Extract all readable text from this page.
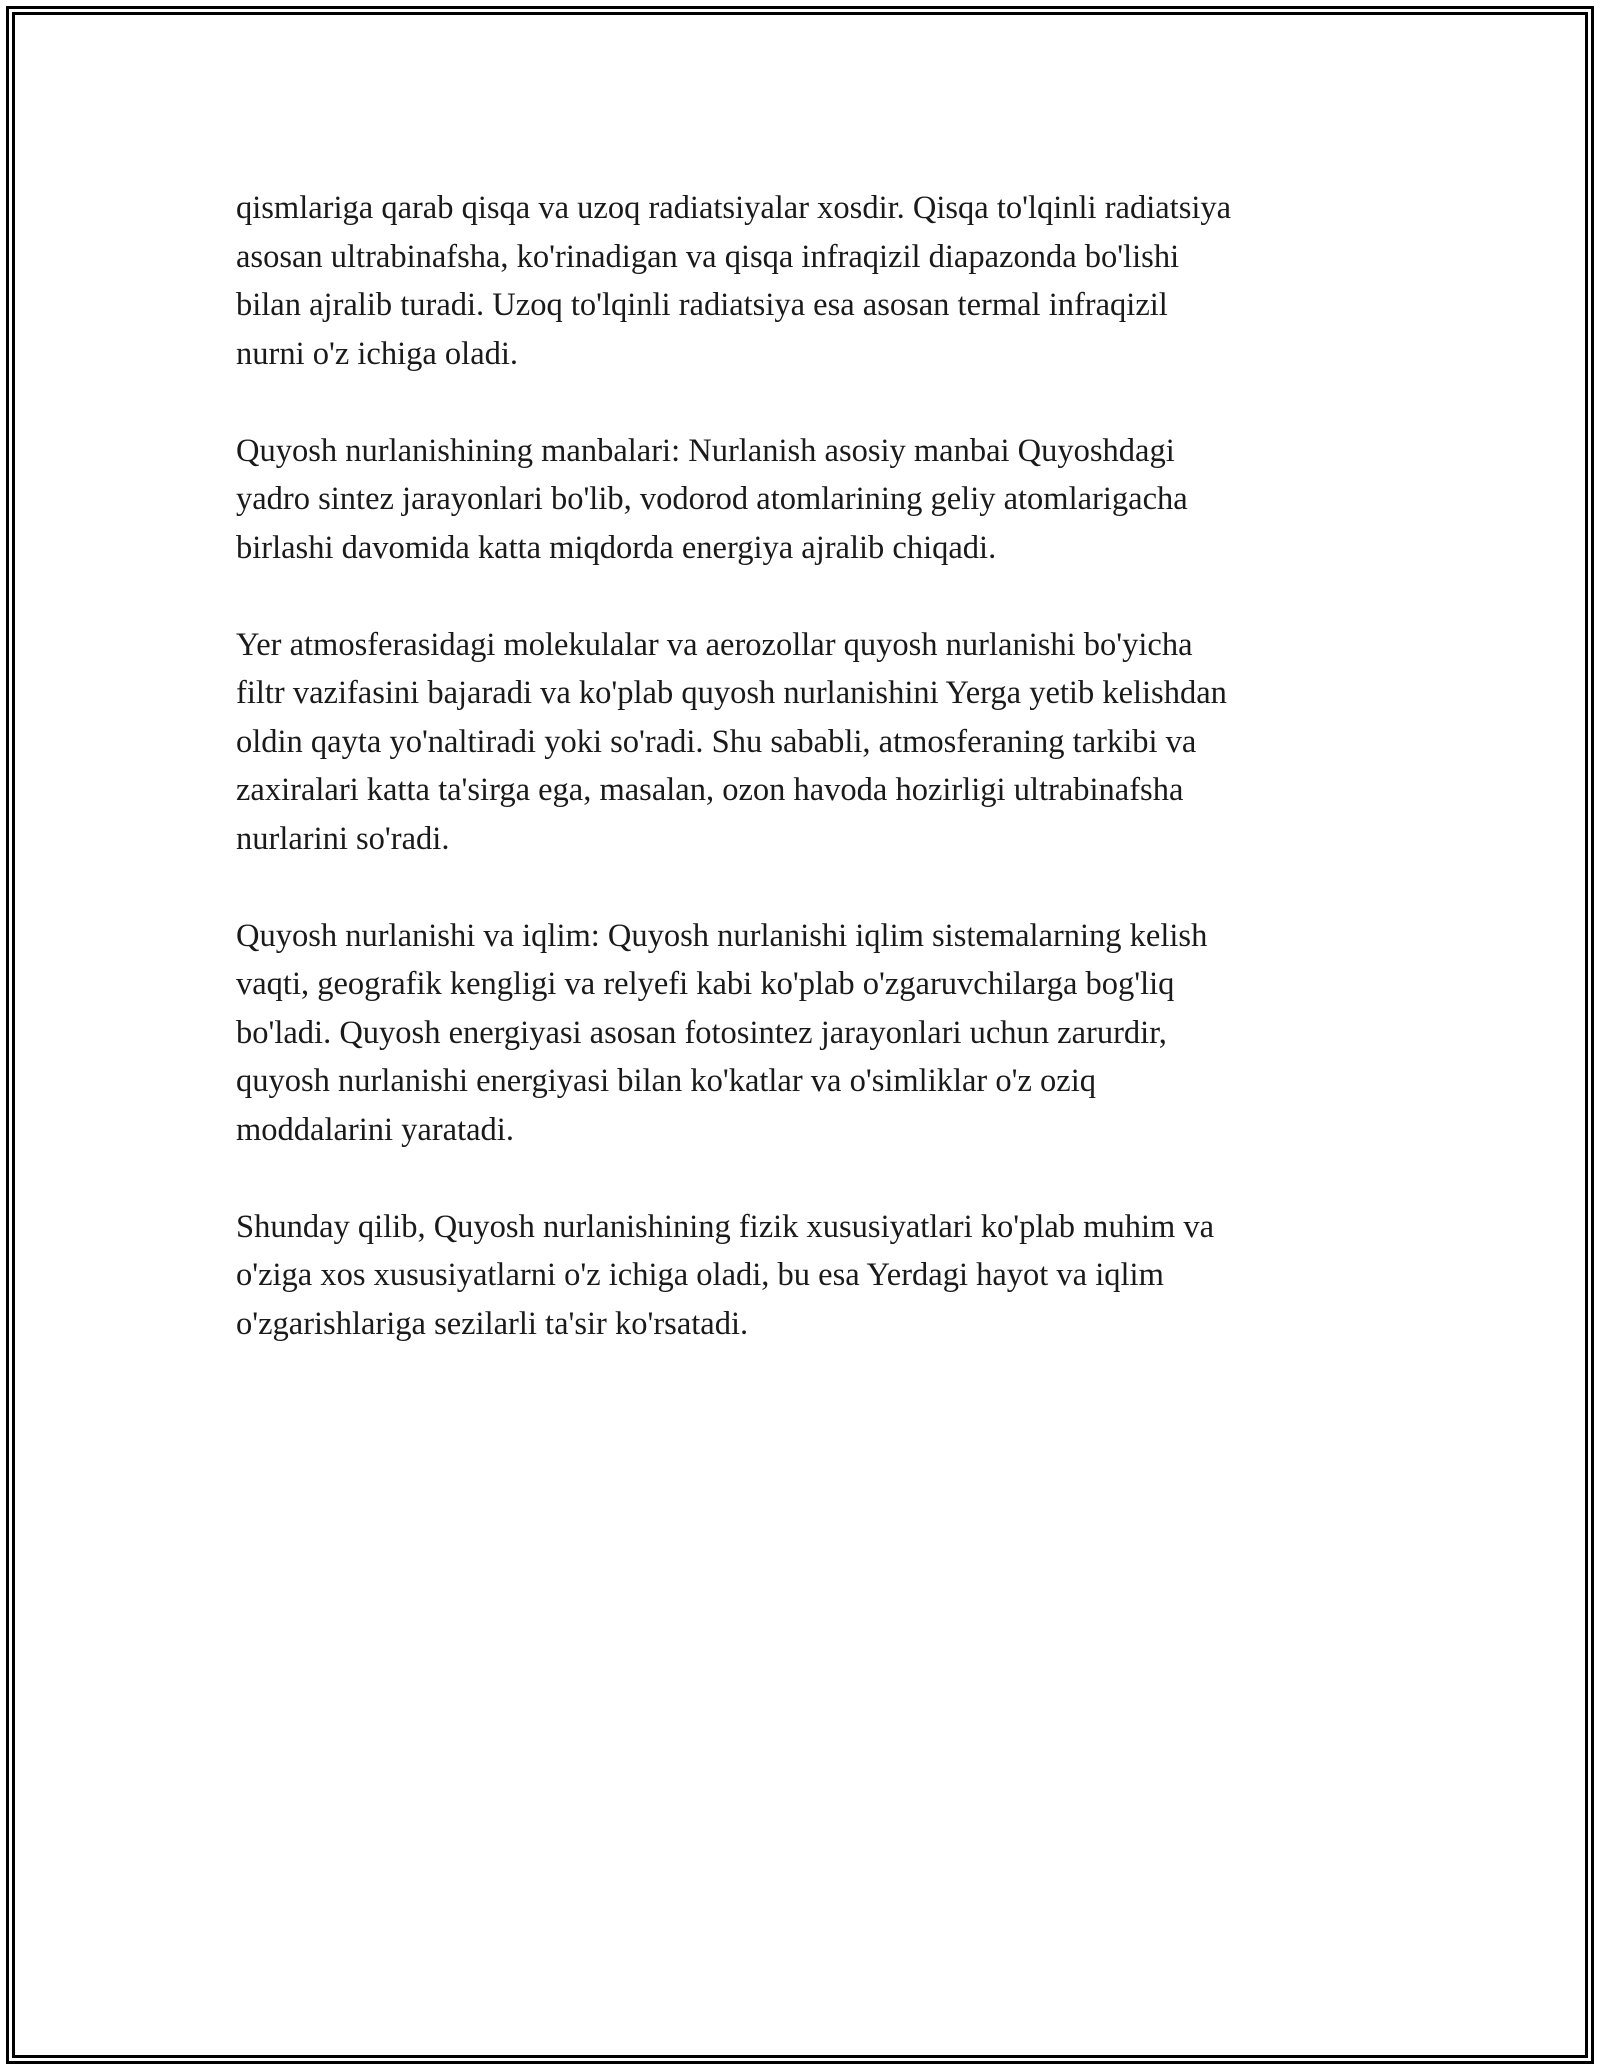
qismlariga qarab qisqa va uzoq radiatsiyalar xosdir. Qisqa to'lqinli radiatsiya
asosan ultrabinafsha, ko'rinadigan va qisqa infraqizil diapazonda bo'lishi
bilan ajralib turadi. Uzoq to'lqinli radiatsiya esa asosan termal infraqizil
nurni o'z ichiga oladi.

Quyosh nurlanishining manbalari: Nurlanish asosiy manbai Quyoshdagi
yadro sintez jarayonlari bo'lib, vodorod atomlarining geliy atomlarigacha
birlashi davomida katta miqdorda energiya ajralib chiqadi.

Yer atmosferasidagi molekulalar va aerozollar quyosh nurlanishi bo'yicha
filtr vazifasini bajaradi va ko'plab quyosh nurlanishini Yerga yetib kelishdan
oldin qayta yo'naltiradi yoki so'radi. Shu sababli, atmosferaning tarkibi va
zaxiralari katta ta'sirga ega, masalan, ozon havoda hozirligi ultrabinafsha
nurlarini so'radi.

Quyosh nurlanishi va iqlim: Quyosh nurlanishi iqlim sistemalarning kelish
vaqti, geografik kengligi va relyefi kabi ko'plab o'zgaruvchilarga bog'liq
bo'ladi. Quyosh energiyasi asosan fotosintez jarayonlari uchun zarurdir,
quyosh nurlanishi energiyasi bilan ko'katlar va o'simliklar o'z oziq
moddalarini yaratadi.

Shunday qilib, Quyosh nurlanishining fizik xususiyatlari ko'plab muhim va
o'ziga xos xususiyatlarni o'z ichiga oladi, bu esa Yerdagi hayot va iqlim
o'zgarishlariga sezilarli ta'sir ko'rsatadi.
